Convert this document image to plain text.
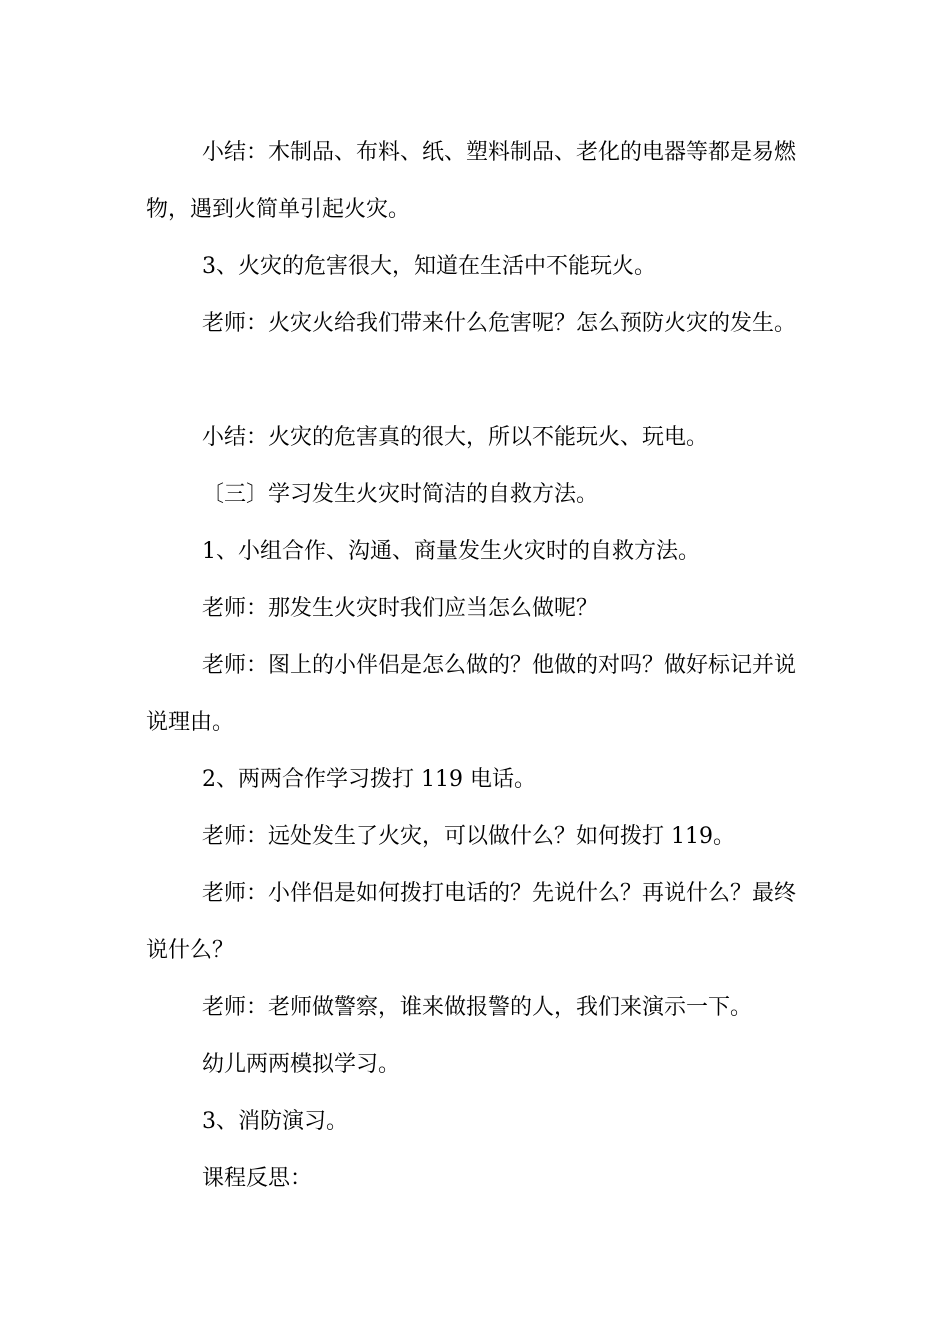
小结：木制品、布料、纸、塑料制品、老化的电器等都是易燃

物，遇到火简单引起火灾。

3、火灾的危害很大，知道在生活中不能玩火。

老师：火灾火给我们带来什么危害呢？怎么预防火灾的发生。

小结：火灾的危害真的很大，所以不能玩火、玩电。

〔三〕学习发生火灾时简洁的自救方法。

1、小组合作、沟通、商量发生火灾时的自救方法。

老师：那发生火灾时我们应当怎么做呢？

老师：图上的小伴侣是怎么做的？他做的对吗？做好标记并说

说理由。

2、两两合作学习拨打 119 电话。

老师：远处发生了火灾，可以做什么？如何拨打 119。

老师：小伴侣是如何拨打电话的？先说什么？再说什么？最终

说什么？

老师：老师做警察，谁来做报警的人，我们来演示一下。

幼儿两两模拟学习。

3、消防演习。

课程反思：
